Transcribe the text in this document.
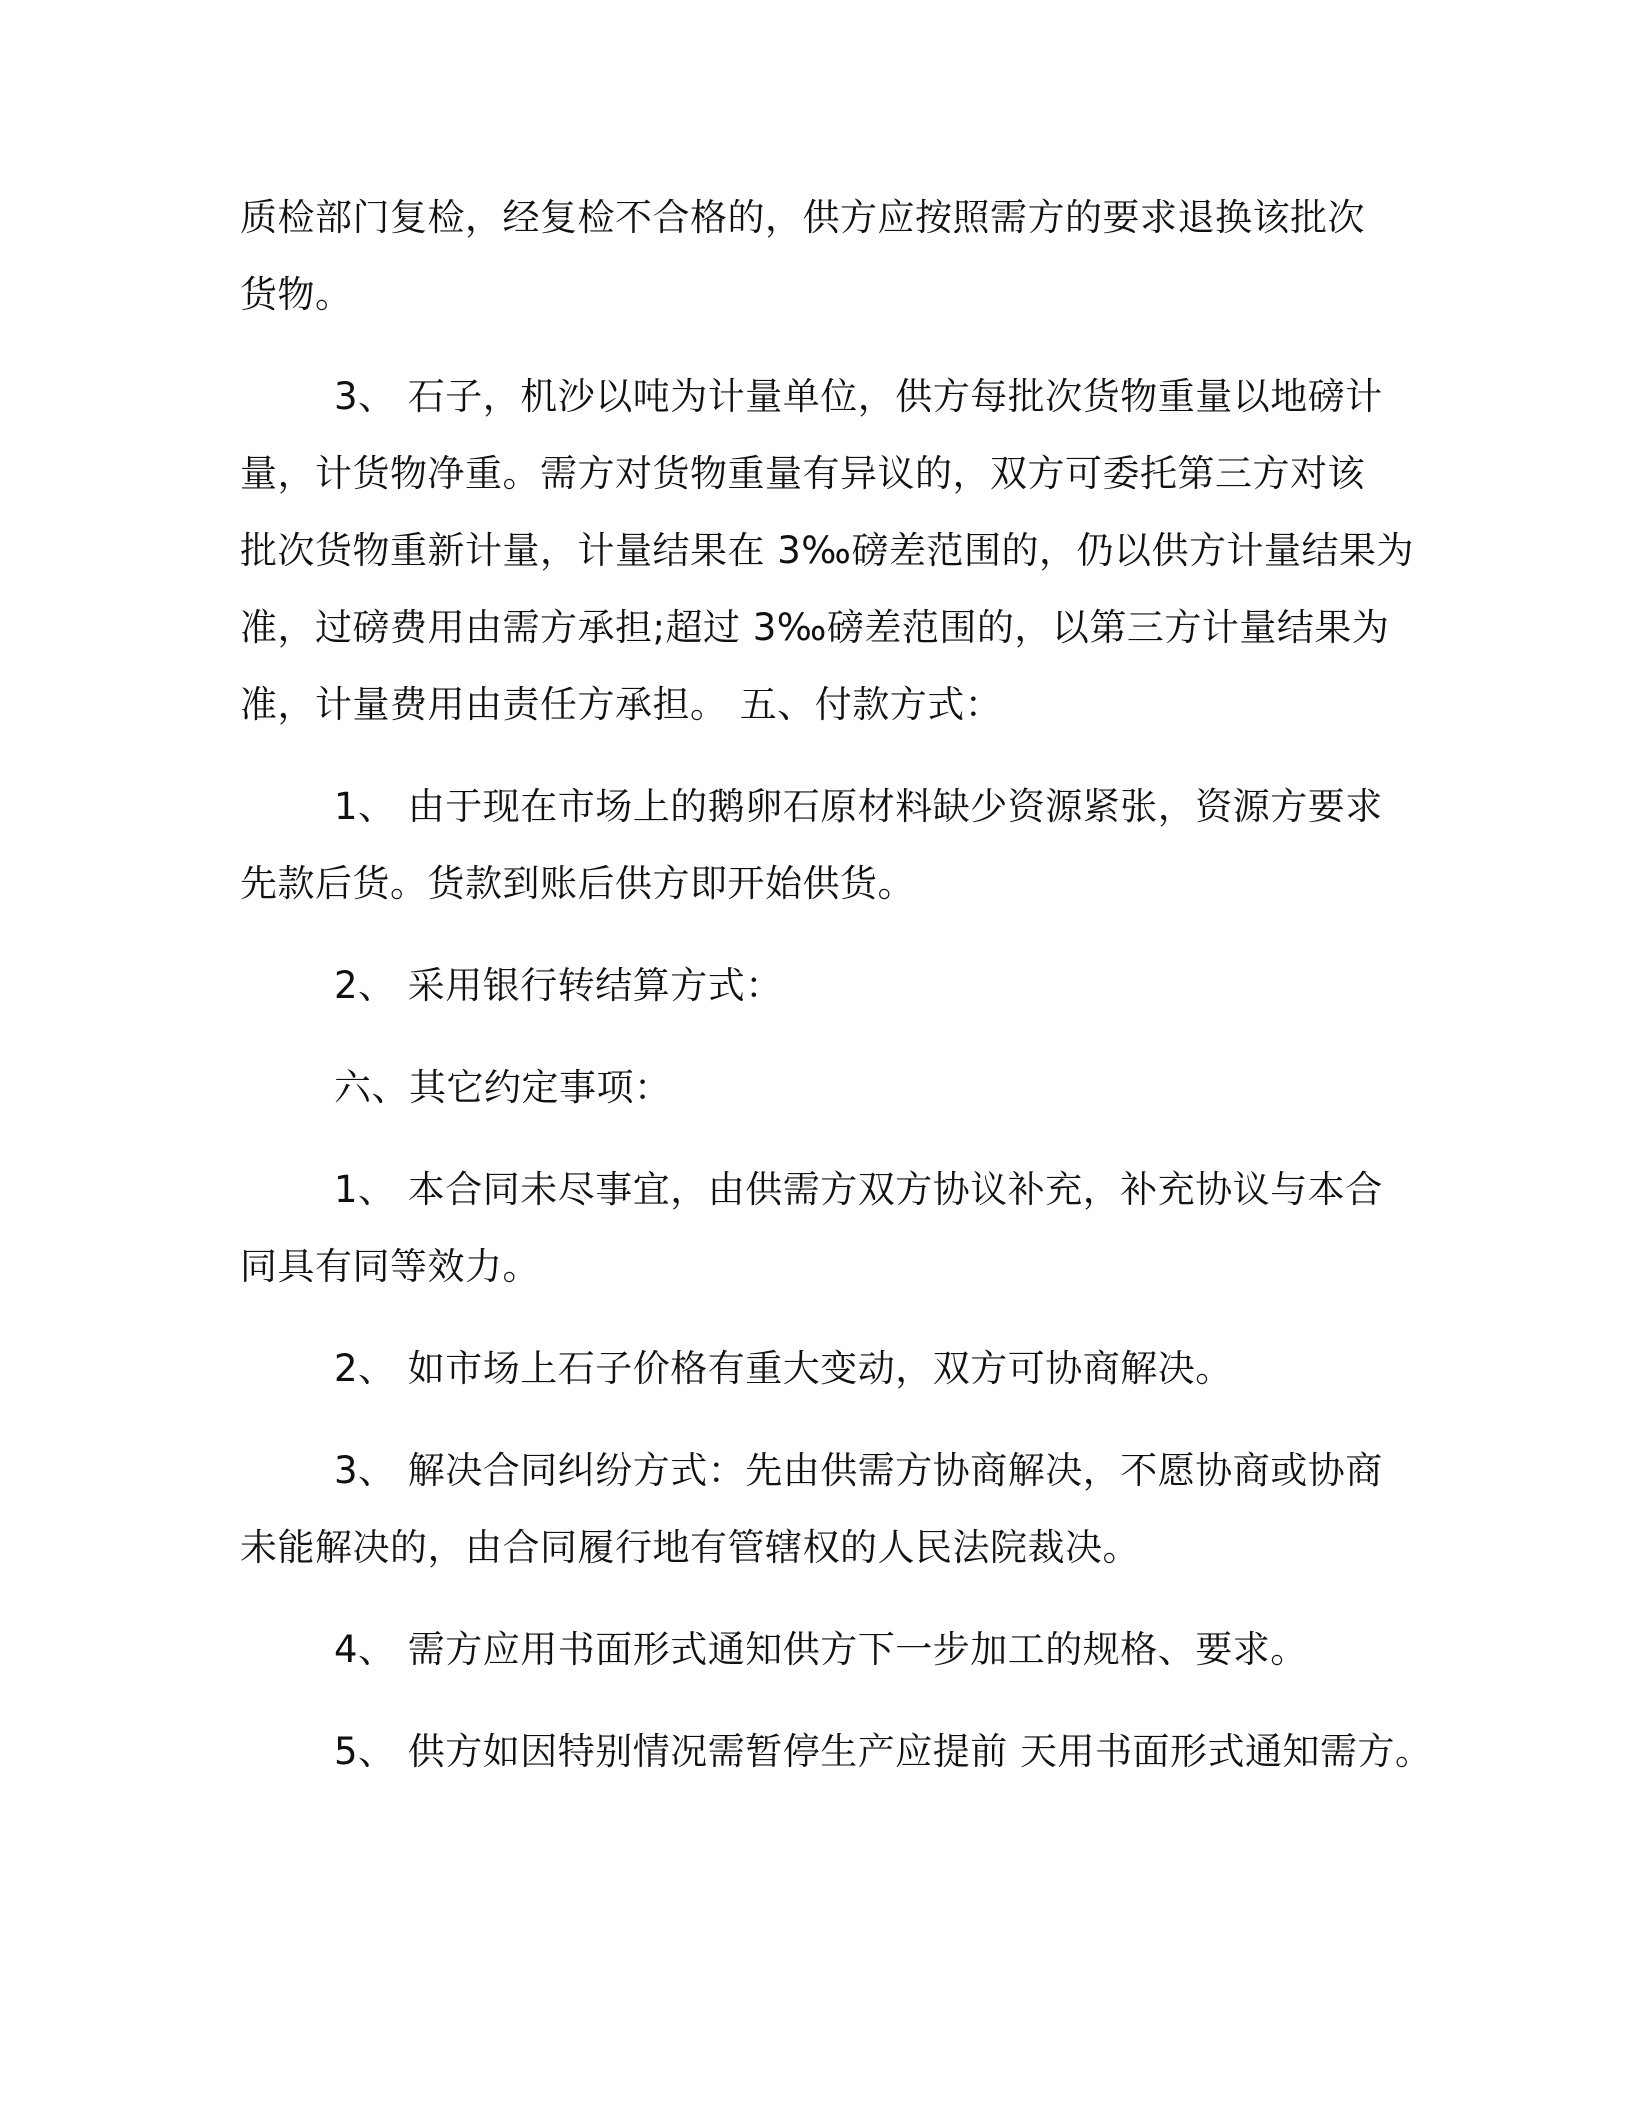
质检部门复检，经复检不合格的，供方应按照需方的要求退换该批次

货物。

3、 石子，机沙以吨为计量单位，供方每批次货物重量以地磅计

量，计货物净重。需方对货物重量有异议的，双方可委托第三方对该

批次货物重新计量，计量结果在 3‰磅差范围的，仍以供方计量结果为

准，过磅费用由需方承担;超过 3‰磅差范围的，以第三方计量结果为

准，计量费用由责任方承担。 五、付款方式：

1、 由于现在市场上的鹅卵石原材料缺少资源紧张，资源方要求

先款后货。货款到账后供方即开始供货。

2、 采用银行转结算方式：

六、其它约定事项：

1、 本合同未尽事宜，由供需方双方协议补充，补充协议与本合

同具有同等效力。

2、 如市场上石子价格有重大变动，双方可协商解决。

3、 解决合同纠纷方式：先由供需方协商解决，不愿协商或协商

未能解决的，由合同履行地有管辖权的人民法院裁决。

4、 需方应用书面形式通知供方下一步加工的规格、要求。

5、 供方如因特别情况需暂停生产应提前 天用书面形式通知需方。
